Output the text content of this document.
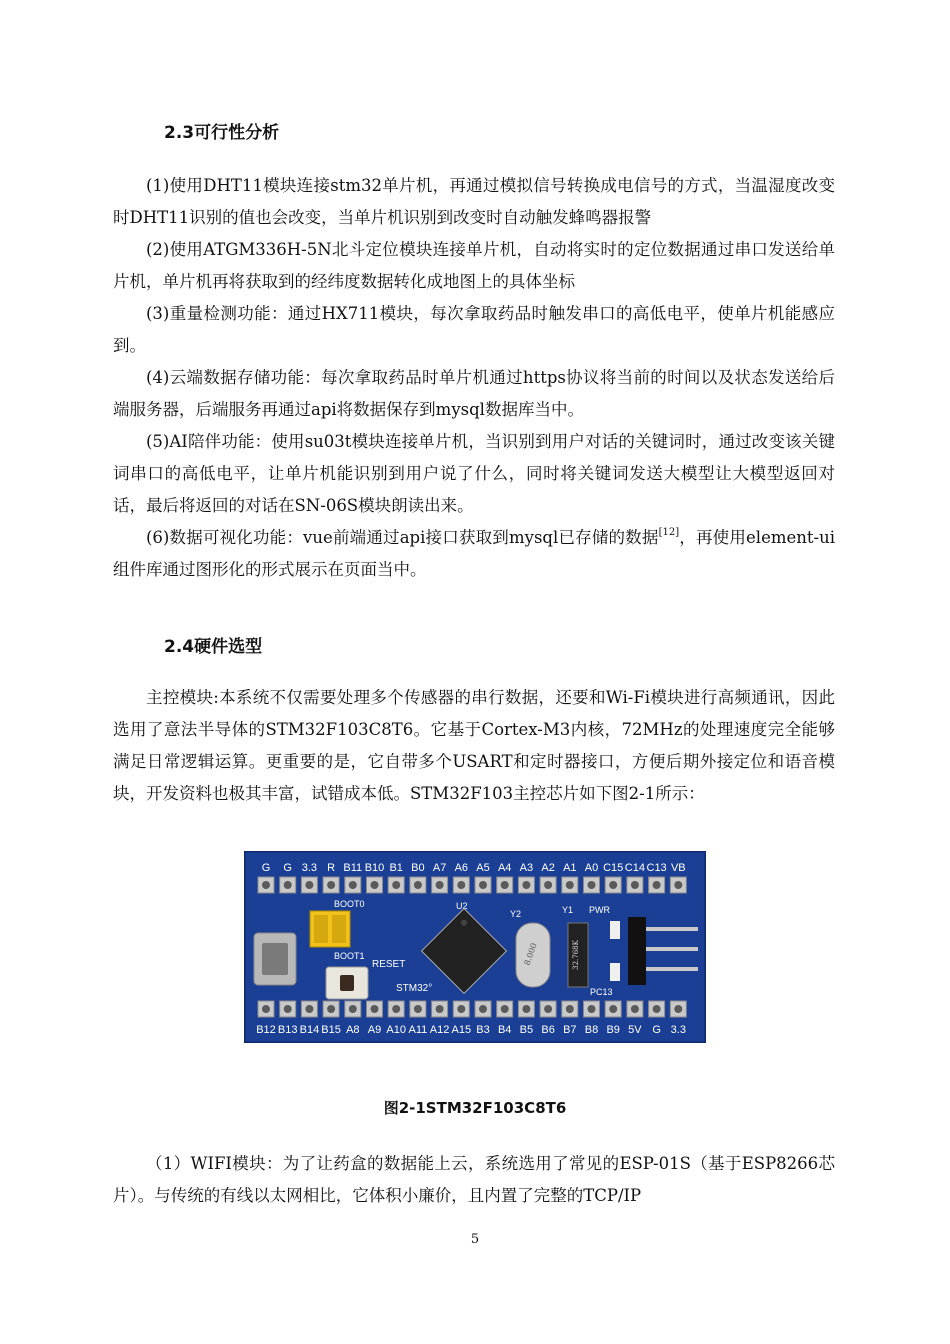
2.3可行性分析

(1)使用DHT11模块连接stm32单片机，再通过模拟信号转换成电信号的方式，当温湿度改变时DHT11识别的值也会改变，当单片机识别到改变时自动触发蜂鸣器报警

(2)使用ATGM336H-5N北斗定位模块连接单片机，自动将实时的定位数据通过串口发送给单片机，单片机再将获取到的经纬度数据转化成地图上的具体坐标

(3)重量检测功能：通过HX711模块，每次拿取药品时触发串口的高低电平，使单片机能感应到。

(4)云端数据存储功能：每次拿取药品时单片机通过https协议将当前的时间以及状态发送给后端服务器，后端服务再通过api将数据保存到mysql数据库当中。

(5)AI陪伴功能：使用su03t模块连接单片机，当识别到用户对话的关键词时，通过改变该关键词串口的高低电平，让单片机能识别到用户说了什么，同时将关键词发送大模型让大模型返回对话，最后将返回的对话在SN-06S模块朗读出来。

(6)数据可视化功能：vue前端通过api接口获取到mysql已存储的数据[12]，再使用element-ui组件库通过图形化的形式展示在页面当中。

2.4硬件选型

主控模块:本系统不仅需要处理多个传感器的串行数据，还要和Wi-Fi模块进行高频通讯，因此选用了意法半导体的STM32F103C8T6。它基于Cortex-M3内核，72MHz的处理速度完全能够满足日常逻辑运算。更重要的是，它自带多个USART和定时器接口，方便后期外接定位和语音模块，开发资料也极其丰富，试错成本低。STM32F103主控芯片如下图2-1所示：

G G 3.3 R B11 B10 B1 B0 A7 A6 A5 A4 A3 A2 A1 A0 C15 C14 C13 VB
B12 B13 B14 B15 A8 A9 A10 A11 A12 A15 B3 B4 B5 B6 B7 B8 B9 5V G 3.3
BOOT0
BOOT1
RESET
U2
STM32°
Y2
8.000
Y1
32.768K
PWR
PC13
图2-1STM32F103C8T6

（1）WIFI模块：为了让药盒的数据能上云，系统选用了常见的ESP-01S（基于ESP8266芯片）。与传统的有线以太网相比，它体积小廉价，且内置了完整的TCP/IP

5
